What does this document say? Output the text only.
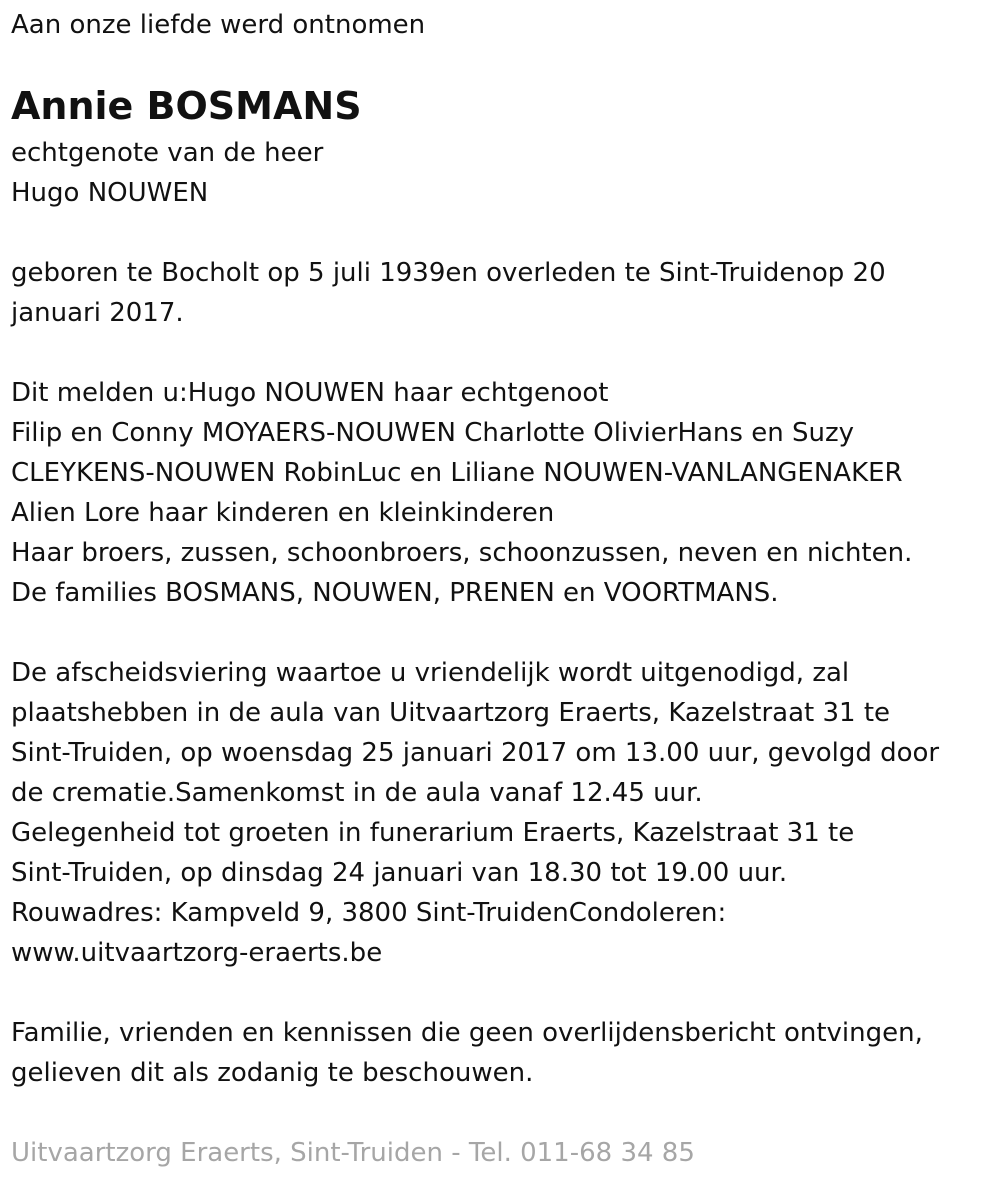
Aan onze liefde werd ontnomen

Annie BOSMANS

echtgenote van de heer

Hugo NOUWEN

geboren te Bocholt op 5 juli 1939en overleden te Sint-Truidenop 20

januari 2017.

Dit melden u:Hugo NOUWEN haar echtgenoot

Filip en Conny MOYAERS-NOUWEN Charlotte OlivierHans en Suzy

CLEYKENS-NOUWEN RobinLuc en Liliane NOUWEN-VANLANGENAKER

Alien Lore haar kinderen en kleinkinderen

Haar broers, zussen, schoonbroers, schoonzussen, neven en nichten.

De families BOSMANS, NOUWEN, PRENEN en VOORTMANS.

De afscheidsviering waartoe u vriendelijk wordt uitgenodigd, zal

plaatshebben in de aula van Uitvaartzorg Eraerts, Kazelstraat 31 te

Sint-Truiden, op woensdag 25 januari 2017 om 13.00 uur, gevolgd door

de crematie.Samenkomst in de aula vanaf 12.45 uur.

Gelegenheid tot groeten in funerarium Eraerts, Kazelstraat 31 te

Sint-Truiden, op dinsdag 24 januari van 18.30 tot 19.00 uur.

Rouwadres: Kampveld 9, 3800 Sint-TruidenCondoleren:

www.uitvaartzorg-eraerts.be

Familie, vrienden en kennissen die geen overlijdensbericht ontvingen,

gelieven dit als zodanig te beschouwen.

Uitvaartzorg Eraerts, Sint-Truiden - Tel. 011-68 34 85
